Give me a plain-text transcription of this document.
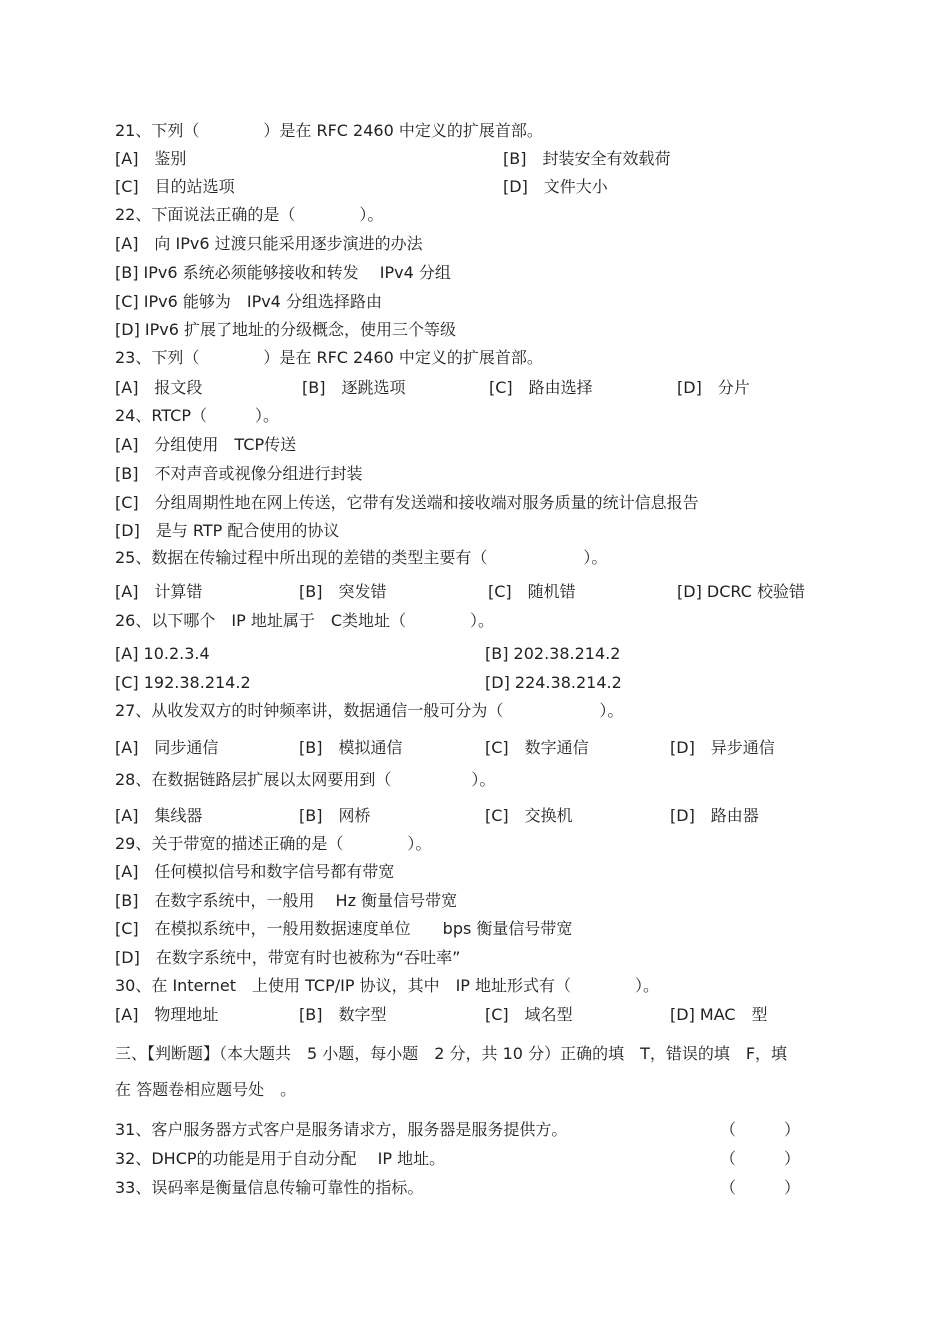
21、下列（　　　　）是在 RFC 2460 中定义的扩展首部。
[A]　鉴别	[B]　封装安全有效载荷
[C]　目的站选项	[D]　文件大小
22、下面说法正确的是（　　　　）。
[A]　向 IPv6 过渡只能采用逐步演进的办法
[B] IPv6 系统必须能够接收和转发　 IPv4 分组
[C] IPv6 能够为　IPv4 分组选择路由
[D] IPv6 扩展了地址的分级概念，使用三个等级
23、下列（　　　　）是在 RFC 2460 中定义的扩展首部。
[A]　报文段	[B]　逐跳选项	[C]　路由选择	[D]　分片
24、RTCP（　　　）。
[A]　分组使用　TCP传送
[B]　不对声音或视像分组进行封装
[C]　分组周期性地在网上传送，它带有发送端和接收端对服务质量的统计信息报告
[D]　是与 RTP 配合使用的协议
25、数据在传输过程中所出现的差错的类型主要有（　　　　　　）。
[A]　计算错	[B]　突发错	[C]　随机错	[D] DCRC 校验错
26、以下哪个　IP 地址属于　C类地址（　　　　）。
[A] 10.2.3.4	[B] 202.38.214.2
[C] 192.38.214.2	[D] 224.38.214.2
27、从收发双方的时钟频率讲，数据通信一般可分为（　　　　　　）。
[A]　同步通信	[B]　模拟通信	[C]　数字通信	[D]　异步通信
28、在数据链路层扩展以太网要用到（　　　　　）。
[A]　集线器	[B]　网桥	[C]　交换机	[D]　路由器
29、关于带宽的描述正确的是（　　　　）。
[A]　任何模拟信号和数字信号都有带宽
[B]　在数字系统中，一般用　 Hz 衡量信号带宽
[C]　在模拟系统中，一般用数据速度单位　　bps 衡量信号带宽
[D]　在数字系统中，带宽有时也被称为“吞吐率”
30、在 Internet　上使用 TCP/IP 协议，其中　IP 地址形式有（　　　　）。
[A]　物理地址	[B]　数字型	[C]　域名型	[D] MAC　型
三、【判断题】（本大题共　5 小题，每小题　2 分，共 10 分）正确的填　T，错误的填　F，填
在 答题卷相应题号处　。
31、客户服务器方式客户是服务请求方，服务器是服务提供方。	（　　　）
32、DHCP的功能是用于自动分配　 IP 地址。	（　　　）
33、误码率是衡量信息传输可靠性的指标。	（　　　）
